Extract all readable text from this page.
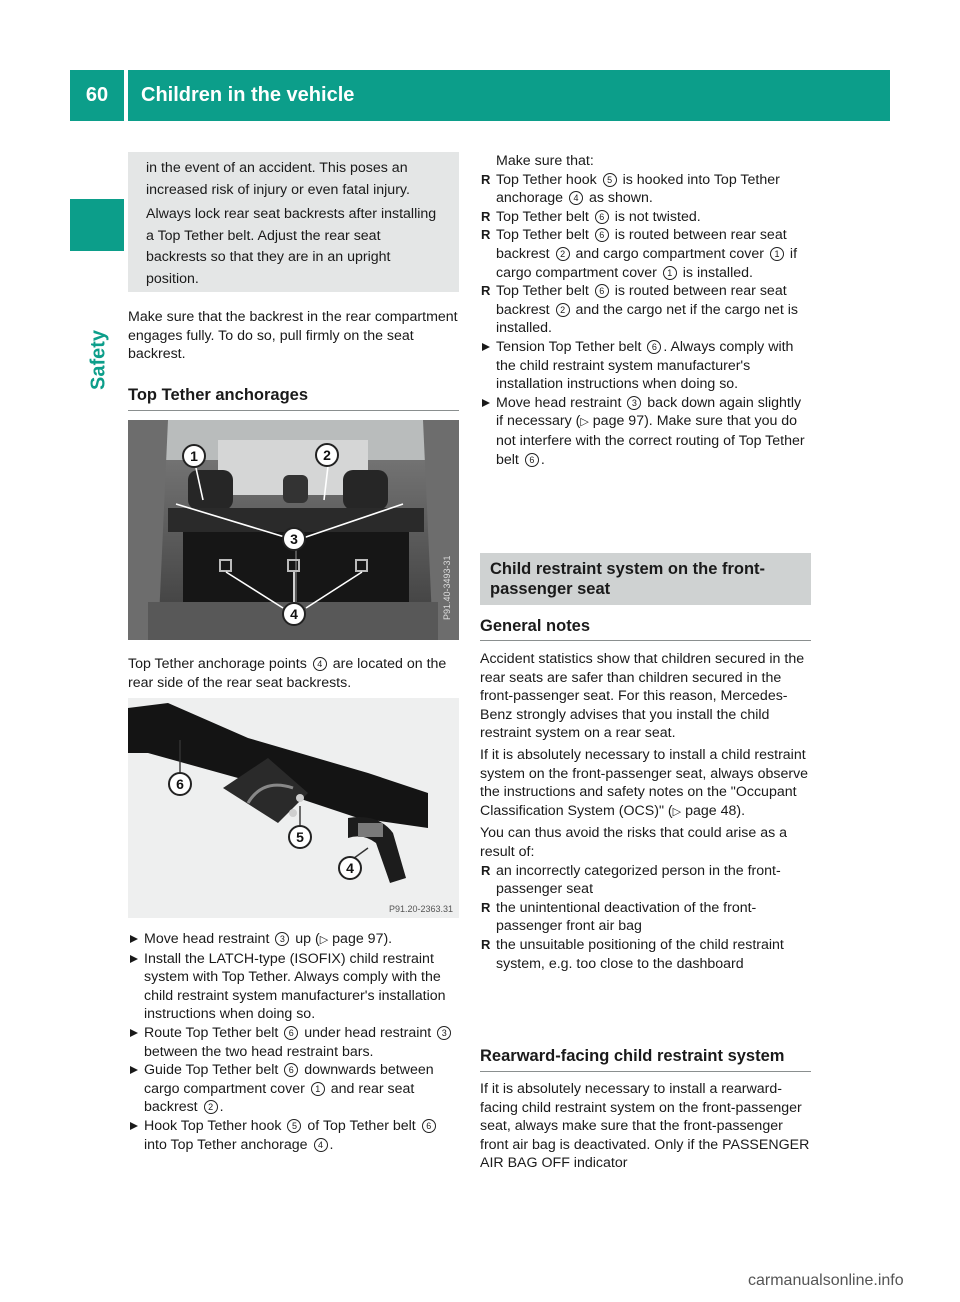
60	Children in the vehicle
Safety

in the event of an accident. This poses an increased risk of injury or even fatal injury.

Always lock rear seat backrests after installing a Top Tether belt. Adjust the rear seat backrests so that they are in an upright position.

Make sure that the backrest in the rear compartment engages fully. To do so, pull firmly on the seat backrest.

Top Tether anchorages
1	2
3
4	P91.40-3493-31
Top Tether anchorage points 4 are located on the rear side of the rear seat backrests.
6
5
4
P91.20-2363.31
Move head restraint 3 up (▷ page 97).
Install the LATCH-type (ISOFIX) child restraint system with Top Tether. Always comply with the child restraint system manufacturer's installation instructions when doing so.
Route Top Tether belt 6 under head restraint 3 between the two head restraint bars.
Guide Top Tether belt 6 downwards between cargo compartment cover 1 and rear seat backrest 2 .
Hook Top Tether hook 5 of Top Tether belt 6 into Top Tether anchorage 4 .

Make sure that:

R Top Tether hook 5 is hooked into Top Tether anchorage 4 as shown.
R Top Tether belt 6 is not twisted.
R Top Tether belt 6 is routed between rear seat backrest 2 and cargo compartment cover 1 if cargo compartment cover 1 is installed.
R Top Tether belt 6 is routed between rear seat backrest 2 and the cargo net if the cargo net is installed.
Tension Top Tether belt 6 . Always comply with the child restraint system manufacturer's installation instructions when doing so.
Move head restraint 3 back down again slightly if necessary (▷ page 97). Make sure that you do not interfere with the correct routing of Top Tether belt 6 .
Child restraint system on the front-passenger seat
General notes

Accident statistics show that children secured in the rear seats are safer than children secured in the front-passenger seat. For this reason, Mercedes-Benz strongly advises that you install the child restraint system on a rear seat.

If it is absolutely necessary to install a child restraint system on the front-passenger seat, always observe the instructions and safety notes on the "Occupant Classification System (OCS)" (▷ page 48).

You can thus avoid the risks that could arise as a result of:

R an incorrectly categorized person in the front-passenger seat
R the unintentional deactivation of the front-passenger front air bag
R the unsuitable positioning of the child restraint system, e.g. too close to the dashboard
Rearward-facing child restraint system

If it is absolutely necessary to install a rearward-facing child restraint system on the front-passenger seat, always make sure that the front-passenger front air bag is deactivated. Only if the PASSENGER AIR BAG OFF indicator

carmanualsonline.info
